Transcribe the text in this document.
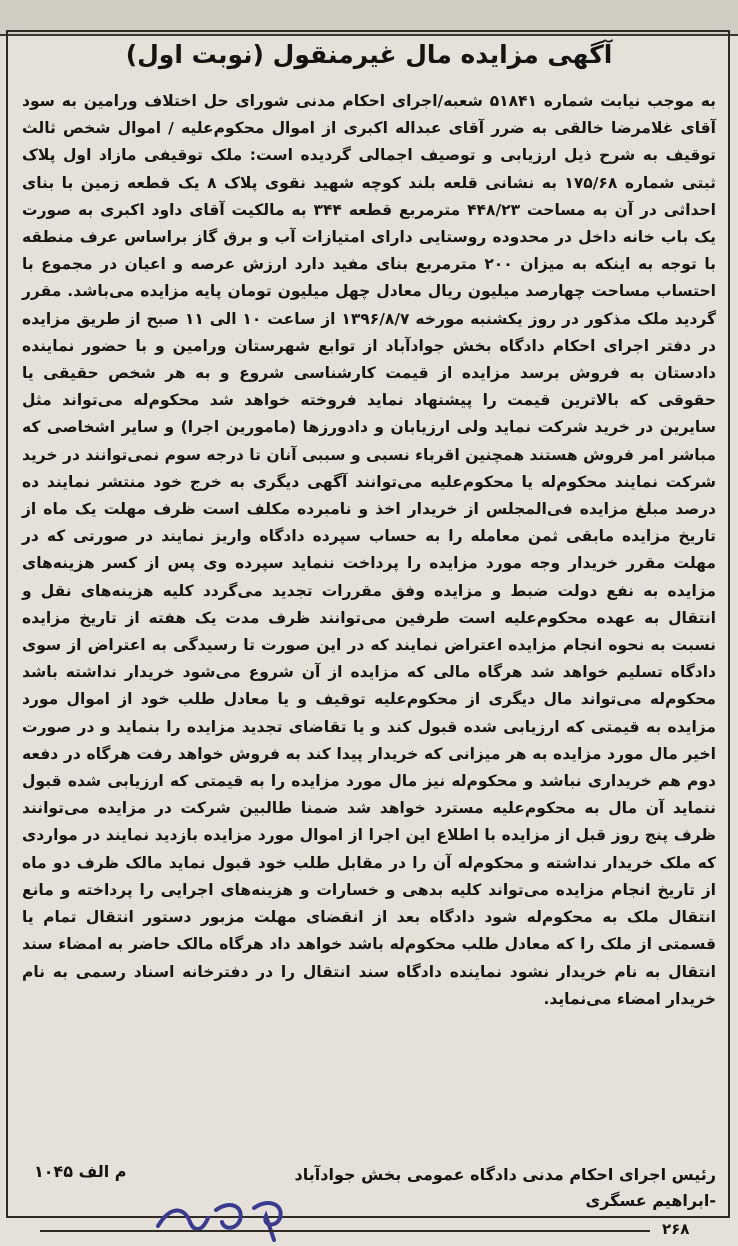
آگهی مزایده مال غیرمنقول (نوبت اول)
به موجب نیابت شماره ۵۱۸۴۱ شعبه/اجرای احکام مدنی شورای حل اختلاف ورامین به سود آقای غلامرضا خالقی به ضرر آقای عبداله اکبری از اموال محکوم‌علیه / اموال شخص ثالث توقیف به شرح ذیل ارزیابی و توصیف اجمالی گردیده است: ملک توقیفی مازاد اول پلاک ثبتی شماره ۱۷۵/۶۸ به نشانی قلعه بلند کوچه شهید نقوی پلاک ۸ یک قطعه زمین با بنای احداثی در آن به مساحت ۴۴۸/۲۳ مترمربع قطعه ۳۴۴ به مالکیت آقای داود اکبری به صورت یک باب خانه داخل در محدوده روستایی دارای امتیازات آب و برق گاز براساس عرف منطقه با توجه به اینکه به میزان ۲۰۰ مترمربع بنای مفید دارد ارزش عرصه و اعیان در مجموع با احتساب مساحت چهارصد میلیون ریال معادل چهل میلیون تومان پایه مزایده می‌باشد. مقرر گردید ملک مذکور در روز یکشنبه مورخه ۱۳۹۶/۸/۷ از ساعت ۱۰ الی ۱۱ صبح از طریق مزایده در دفتر اجرای احکام دادگاه بخش جوادآباد از توابع شهرستان ورامین و با حضور نماینده دادستان به فروش برسد مزایده از قیمت کارشناسی شروع و به هر شخص حقیقی یا حقوقی که بالاترین قیمت را پیشنهاد نماید فروخته خواهد شد محکوم‌له می‌تواند مثل سایرین در خرید شرکت نماید ولی ارزیابان و دادورزها (مامورین اجرا) و سایر اشخاصی که مباشر امر فروش هستند همچنین اقرباء نسبی و سببی آنان تا درجه سوم نمی‌توانند در خرید شرکت نمایند محکوم‌له یا محکوم‌علیه می‌توانند آگهی دیگری به خرج خود منتشر نمایند ده درصد مبلغ مزایده فی‌المجلس از خریدار اخذ و نامبرده مکلف است ظرف مهلت یک ماه از تاریخ مزایده مابقی ثمن معامله را به حساب سپرده دادگاه واریز نمایند در صورتی که در مهلت مقرر خریدار وجه مورد مزایده را پرداخت ننماید سپرده وی پس از کسر هزینه‌های مزایده به نفع دولت ضبط و مزایده وفق مقررات تجدید می‌گردد کلیه هزینه‌های نقل و انتقال به عهده محکوم‌علیه است طرفین می‌توانند ظرف مدت یک هفته از تاریخ مزایده نسبت به نحوه انجام مزایده اعتراض نمایند که در این صورت تا رسیدگی به اعتراض از سوی دادگاه تسلیم خواهد شد هرگاه مالی که مزایده از آن شروع می‌شود خریدار نداشته باشد محکوم‌له می‌تواند مال دیگری از محکوم‌علیه توقیف و یا معادل طلب خود از اموال مورد مزایده به قیمتی که ارزیابی شده قبول کند و یا تقاضای تجدید مزایده را بنماید و در صورت اخیر مال مورد مزایده به هر میزانی که خریدار پیدا کند به فروش خواهد رفت هرگاه در دفعه دوم هم خریداری نباشد و محکوم‌له نیز مال مورد مزایده را به قیمتی که ارزیابی شده قبول ننماید آن مال به محکوم‌علیه مسترد خواهد شد ضمنا طالبین شرکت در مزایده می‌توانند ظرف پنج روز قبل از مزایده با اطلاع این اجرا از اموال مورد مزایده بازدید نمایند در مواردی که ملک خریدار نداشته و محکوم‌له آن را در مقابل طلب خود قبول نماید مالک ظرف دو ماه از تاریخ انجام مزایده می‌تواند کلیه بدهی و خسارات و هزینه‌های اجرایی را پرداخته و مانع انتقال ملک به محکوم‌له شود دادگاه بعد از انقضای مهلت مزبور دستور انتقال تمام یا قسمتی از ملک را که معادل طلب محکوم‌له باشد خواهد داد هرگاه مالک حاضر به امضاء سند انتقال به نام خریدار نشود نماینده دادگاه سند انتقال را در دفترخانه اسناد رسمی به نام خریدار امضاء می‌نماید.
رئیس اجرای احکام مدنی دادگاه عمومی بخش جوادآباد
-ابراهیم عسگری
م الف ۱۰۴۵
۲۶۸
